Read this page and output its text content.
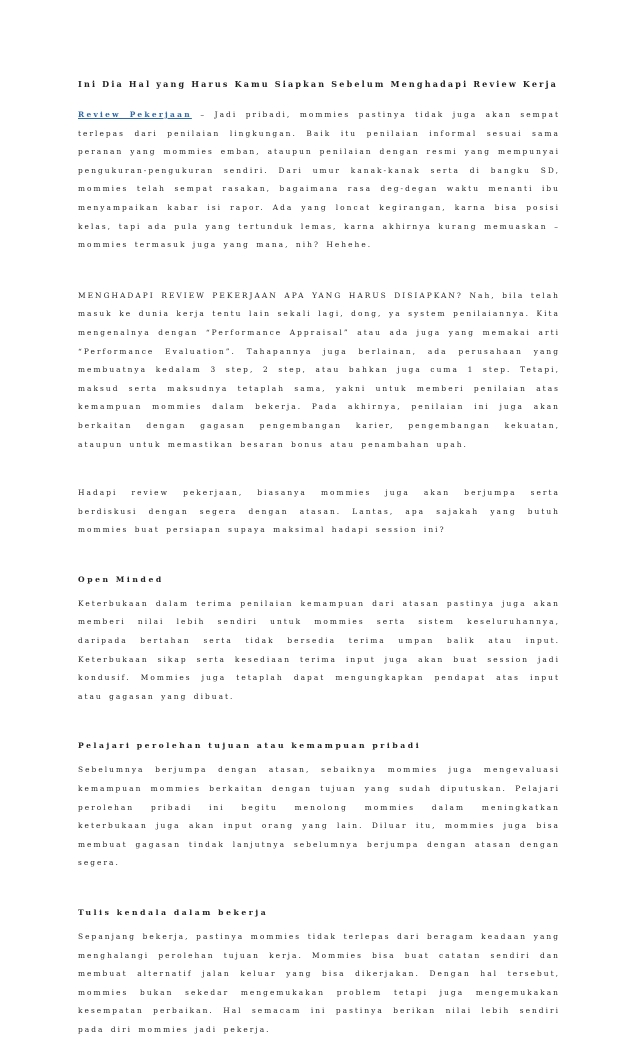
Ini Dia Hal yang Harus Kamu Siapkan Sebelum Menghadapi Review Kerja

Review Pekerjaan – Jadi pribadi, mommies pastinya tidak juga akan sempat terlepas dari penilaian lingkungan. Baik itu penilaian informal sesuai sama peranan yang mommies emban, ataupun penilaian dengan resmi yang mempunyai pengukuran-pengukuran sendiri. Dari umur kanak-kanak serta di bangku SD, mommies telah sempat rasakan, bagaimana rasa deg-degan waktu menanti ibu menyampaikan kabar isi rapor. Ada yang loncat kegirangan, karna bisa posisi kelas, tapi ada pula yang tertunduk lemas, karna akhirnya kurang memuaskan – mommies termasuk juga yang mana, nih? Hehehe.

MENGHADAPI REVIEW PEKERJAAN APA YANG HARUS DISIAPKAN? Nah, bila telah masuk ke dunia kerja tentu lain sekali lagi, dong, ya system penilaiannya. Kita mengenalnya dengan “Performance Appraisal” atau ada juga yang memakai arti “Performance Evaluation”. Tahapannya juga berlainan, ada perusahaan yang membuatnya kedalam 3 step, 2 step, atau bahkan juga cuma 1 step. Tetapi, maksud serta maksudnya tetaplah sama, yakni untuk memberi penilaian atas kemampuan mommies dalam bekerja. Pada akhirnya, penilaian ini juga akan berkaitan dengan gagasan pengembangan karier, pengembangan kekuatan, ataupun untuk memastikan besaran bonus atau penambahan upah.

Hadapi review pekerjaan, biasanya mommies juga akan berjumpa serta berdiskusi dengan segera dengan atasan. Lantas, apa sajakah yang butuh mommies buat persiapan supaya maksimal hadapi session ini?

Open Minded

Keterbukaan dalam terima penilaian kemampuan dari atasan pastinya juga akan memberi nilai lebih sendiri untuk mommies serta sistem keseluruhannya, daripada bertahan serta tidak bersedia terima umpan balik atau input. Keterbukaan sikap serta kesediaan terima input juga akan buat session jadi kondusif. Mommies juga tetaplah dapat mengungkapkan pendapat atas input atau gagasan yang dibuat.

Pelajari perolehan tujuan atau kemampuan pribadi

Sebelumnya berjumpa dengan atasan, sebaiknya mommies juga mengevaluasi kemampuan mommies berkaitan dengan tujuan yang sudah diputuskan. Pelajari perolehan pribadi ini begitu menolong mommies dalam meningkatkan keterbukaan juga akan input orang yang lain. Diluar itu, mommies juga bisa membuat gagasan tindak lanjutnya sebelumnya berjumpa dengan atasan dengan segera.

Tulis kendala dalam bekerja

Sepanjang bekerja, pastinya mommies tidak terlepas dari beragam keadaan yang menghalangi perolehan tujuan kerja. Mommies bisa buat catatan sendiri dan membuat alternatif jalan keluar yang bisa dikerjakan. Dengan hal tersebut, mommies bukan sekedar mengemukakan problem tetapi juga mengemukakan kesempatan perbaikan. Hal semacam ini pastinya berikan nilai lebih sendiri pada diri mommies jadi pekerja.
